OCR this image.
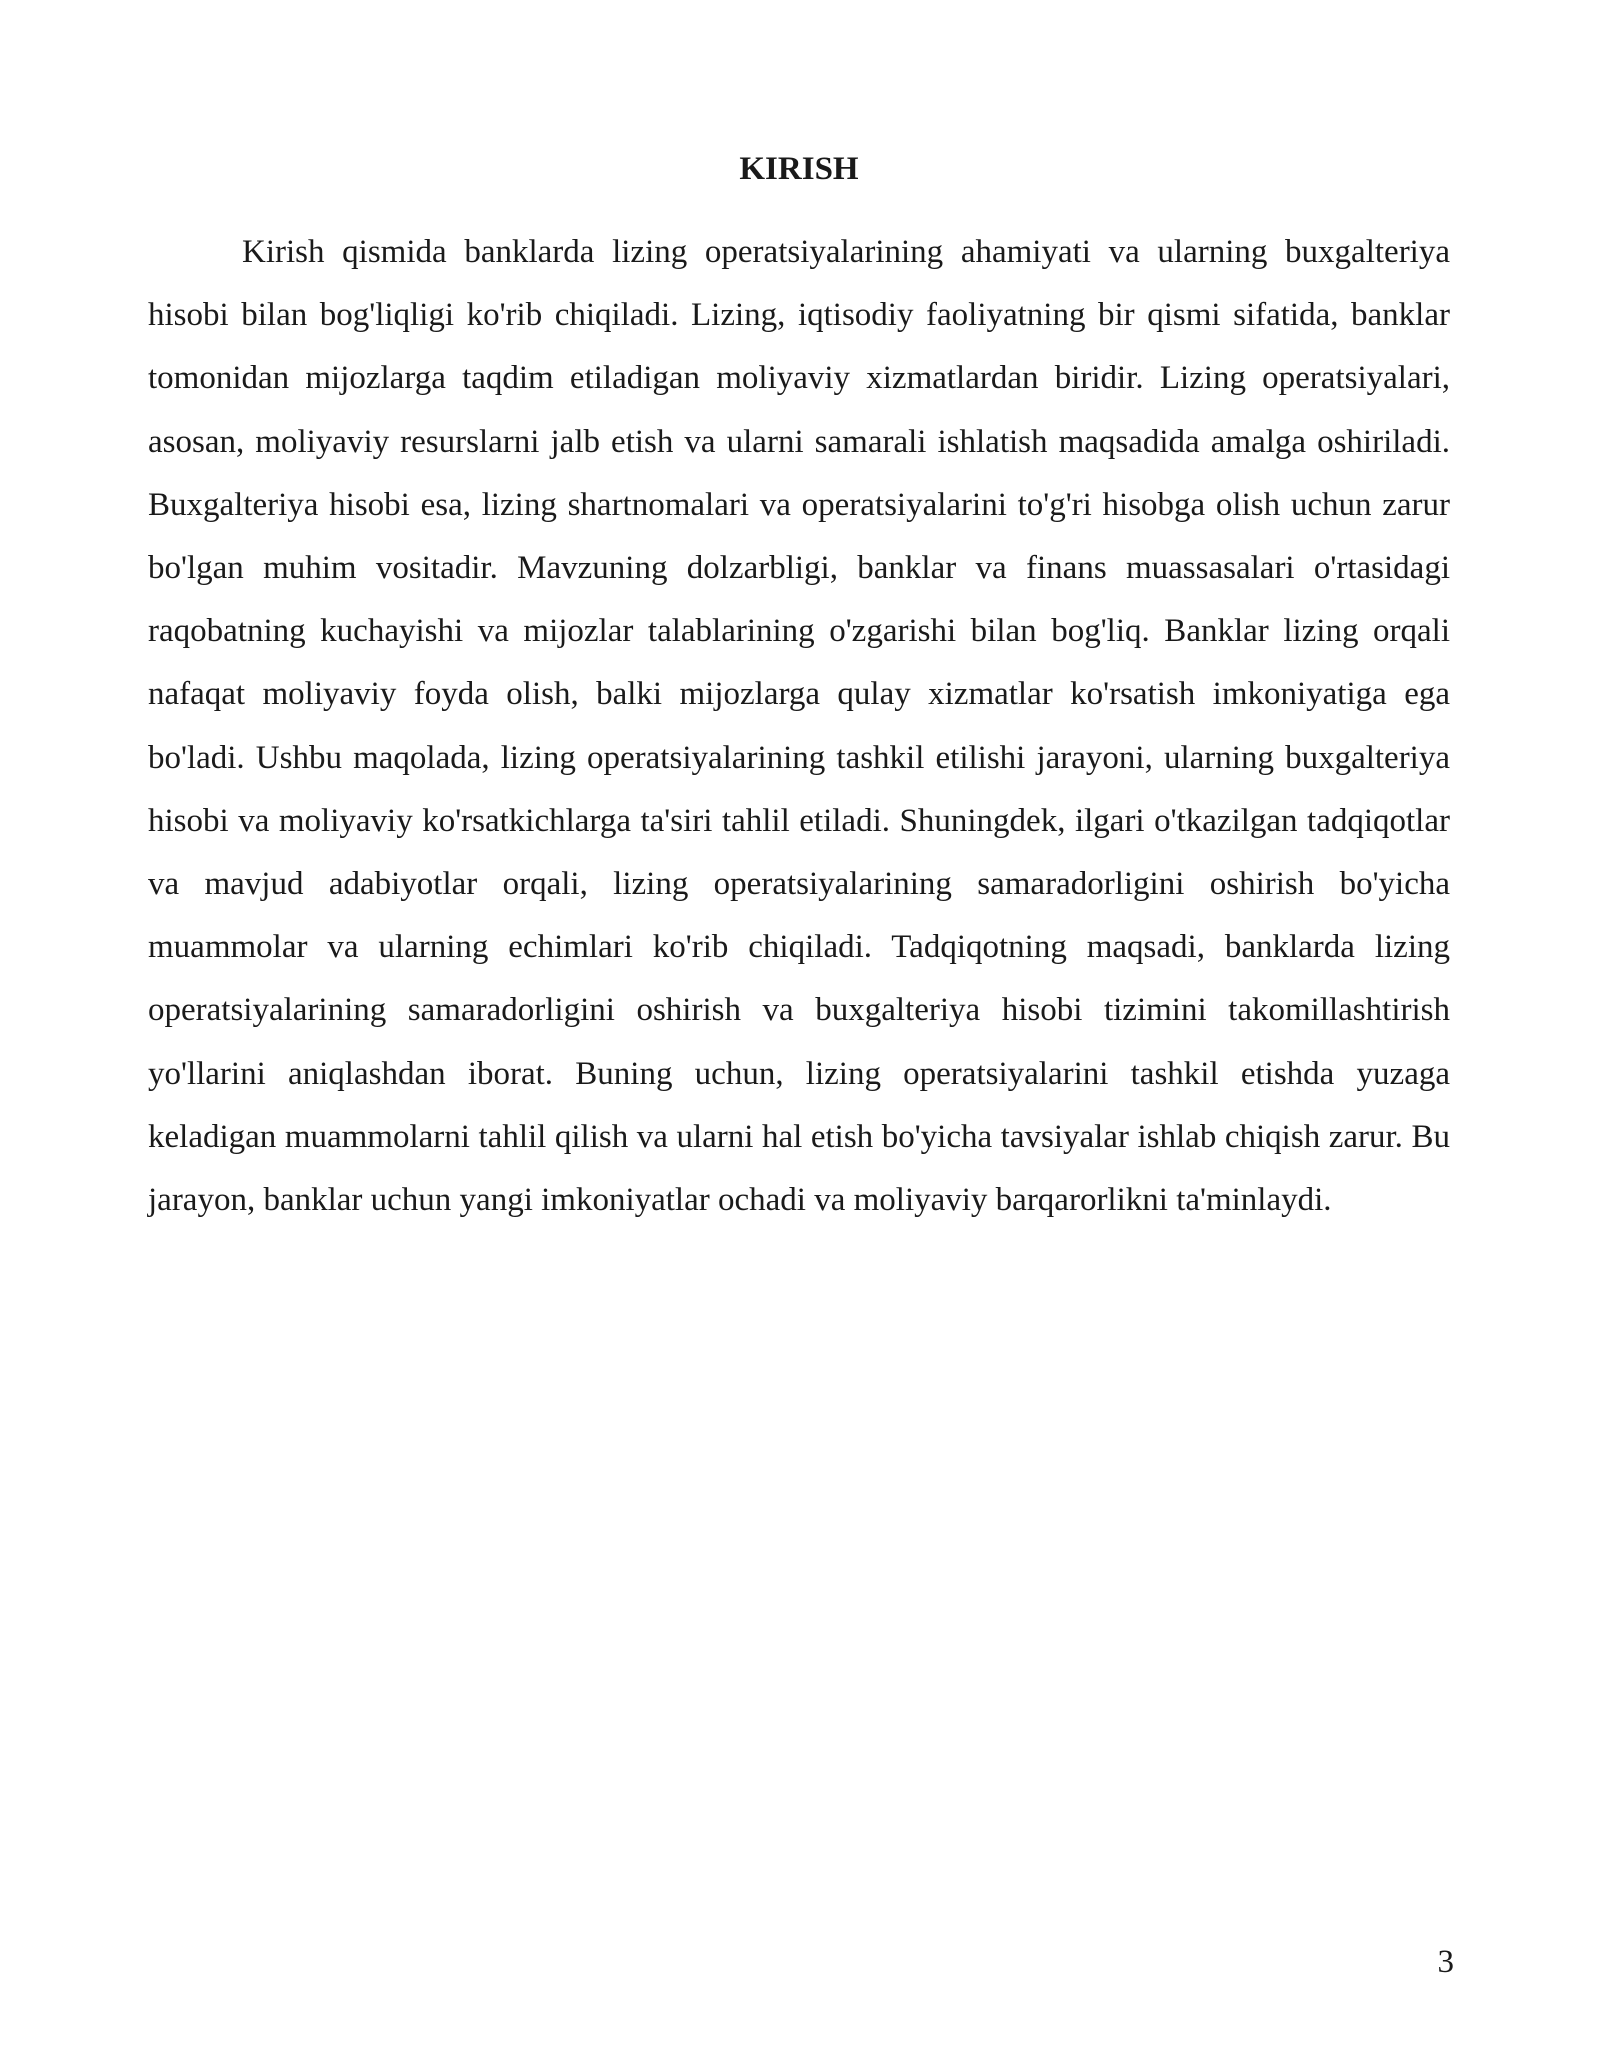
KIRISH

Kirish qismida banklarda lizing operatsiyalarining ahamiyati va ularning buxgalteriya hisobi bilan bog'liqligi ko'rib chiqiladi. Lizing, iqtisodiy faoliyatning bir qismi sifatida, banklar tomonidan mijozlarga taqdim etiladigan moliyaviy xizmatlardan biridir. Lizing operatsiyalari, asosan, moliyaviy resurslarni jalb etish va ularni samarali ishlatish maqsadida amalga oshiriladi. Buxgalteriya hisobi esa, lizing shartnomalari va operatsiyalarini to'g'ri hisobga olish uchun zarur bo'lgan muhim vositadir. Mavzuning dolzarbligi, banklar va finans muassasalari o'rtasidagi raqobatning kuchayishi va mijozlar talablarining o'zgarishi bilan bog'liq. Banklar lizing orqali nafaqat moliyaviy foyda olish, balki mijozlarga qulay xizmatlar ko'rsatish imkoniyatiga ega bo'ladi. Ushbu maqolada, lizing operatsiyalarining tashkil etilishi jarayoni, ularning buxgalteriya hisobi va moliyaviy ko'rsatkichlarga ta'siri tahlil etiladi. Shuningdek, ilgari o'tkazilgan tadqiqotlar va mavjud adabiyotlar orqali, lizing operatsiyalarining samaradorligini oshirish bo'yicha muammolar va ularning echimlari ko'rib chiqiladi. Tadqiqotning maqsadi, banklarda lizing operatsiyalarining samaradorligini oshirish va buxgalteriya hisobi tizimini takomillashtirish yo'llarini aniqlashdan iborat. Buning uchun, lizing operatsiyalarini tashkil etishda yuzaga keladigan muammolarni tahlil qilish va ularni hal etish bo'yicha tavsiyalar ishlab chiqish zarur. Bu jarayon, banklar uchun yangi imkoniyatlar ochadi va moliyaviy barqarorlikni ta'minlaydi.

3
